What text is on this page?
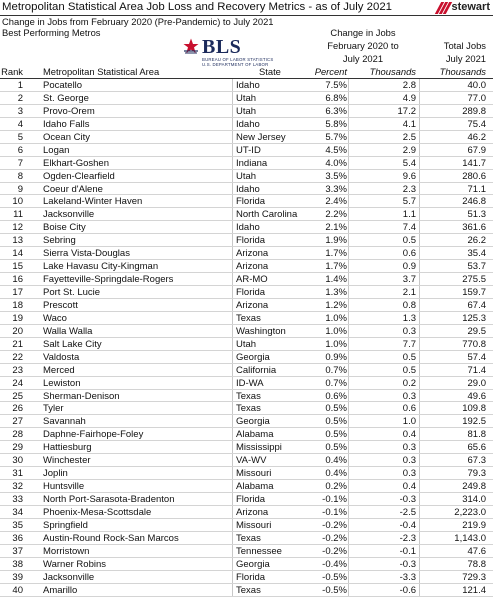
Metropolitan Statistical Area Job Loss and Recovery Metrics - as of July 2021	stewart
Change in Jobs from February 2020 (Pre-Pandemic) to July 2021
Best Performing Metros
BLS
BUREAU OF LABOR STATISTICS
U.S. DEPARTMENT OF LABOR
Change in Jobs
February 2020 to
July 2021
Total Jobs
July 2021
Rank Metropolitan Statistical Area	State	Percent	Thousands	Thousands
1 Pocatello	Idaho	7.5%	2.8	40.0
2 St. George	Utah	6.8%	4.9	77.0
3 Provo-Orem	Utah	6.3%	17.2	289.8
4 Idaho Falls	Idaho	5.8%	4.1	75.4
5 Ocean City	New Jersey	5.7%	2.5	46.2
6 Logan	UT-ID	4.5%	2.9	67.9
7 Elkhart-Goshen	Indiana	4.0%	5.4	141.7
8 Ogden-Clearfield	Utah	3.5%	9.6	280.6
9 Coeur d'Alene	Idaho	3.3%	2.3	71.1
10 Lakeland-Winter Haven	Florida	2.4%	5.7	246.8
11 Jacksonville	North Carolina	2.2%	1.1	51.3
12 Boise City	Idaho	2.1%	7.4	361.6
13 Sebring	Florida	1.9%	0.5	26.2
14 Sierra Vista-Douglas	Arizona	1.7%	0.6	35.4
15 Lake Havasu City-Kingman	Arizona	1.7%	0.9	53.7
16 Fayetteville-Springdale-Rogers	AR-MO	1.4%	3.7	275.5
17 Port St. Lucie	Florida	1.3%	2.1	159.7
18 Prescott	Arizona	1.2%	0.8	67.4
19 Waco	Texas	1.0%	1.3	125.3
20 Walla Walla	Washington	1.0%	0.3	29.5
21 Salt Lake City	Utah	1.0%	7.7	770.8
22 Valdosta	Georgia	0.9%	0.5	57.4
23 Merced	California	0.7%	0.5	71.4
24 Lewiston	ID-WA	0.7%	0.2	29.0
25 Sherman-Denison	Texas	0.6%	0.3	49.6
26 Tyler	Texas	0.5%	0.6	109.8
27 Savannah	Georgia	0.5%	1.0	192.5
28 Daphne-Fairhope-Foley	Alabama	0.5%	0.4	81.8
29 Hattiesburg	Mississippi	0.5%	0.3	65.6
30 Winchester	VA-WV	0.4%	0.3	67.3
31 Joplin	Missouri	0.4%	0.3	79.3
32 Huntsville	Alabama	0.2%	0.4	249.8
33 North Port-Sarasota-Bradenton	Florida	-0.1%	-0.3	314.0
34 Phoenix-Mesa-Scottsdale	Arizona	-0.1%	-2.5	2,223.0
35 Springfield	Missouri	-0.2%	-0.4	219.9
36 Austin-Round Rock-San Marcos	Texas	-0.2%	-2.3	1,143.0
37 Morristown	Tennessee	-0.2%	-0.1	47.6
38 Warner Robins	Georgia	-0.4%	-0.3	78.8
39 Jacksonville	Florida	-0.5%	-3.3	729.3
40 Amarillo	Texas	-0.5%	-0.6	121.4
